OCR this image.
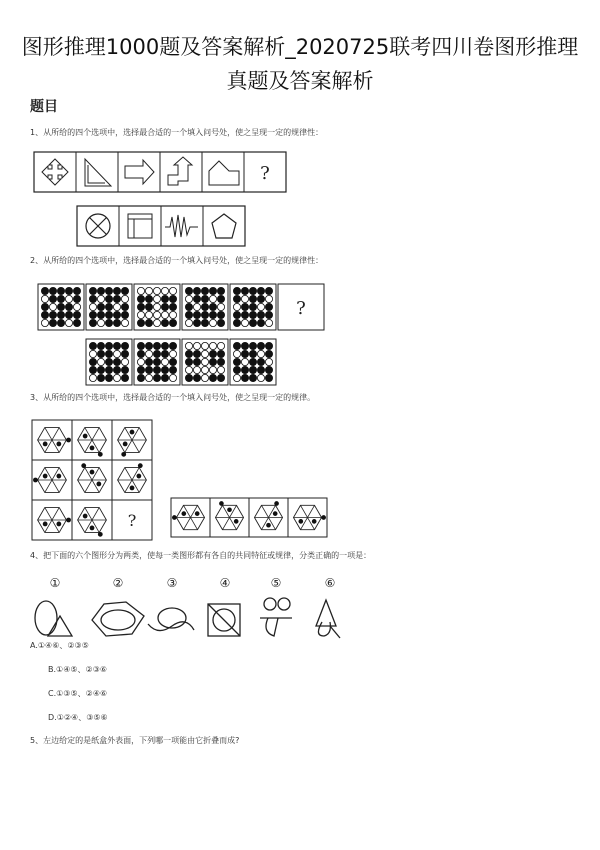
图形推理1000题及答案解析_2020725联考四川卷图形推理真题及答案解析
题目
1、从所给的四个选项中，选择最合适的一个填入问号处，使之呈现一定的规律性：
?
2、从所给的四个选项中，选择最合适的一个填入问号处，使之呈现一定的规律性：
?
3、从所给的四个选项中，选择最合适的一个填入问号处，使之呈现一定的规律。
?
4、把下面的六个图形分为两类，使每一类图形都有各自的共同特征或规律，分类正确的一项是：
①	②	③	④	⑤	⑥
A.①④⑥、②③⑤
B.①④⑤、②③⑥
C.①③⑤、②④⑥
D.①②④、③⑤⑥
5、左边给定的是纸盒外表面，下列哪一项能由它折叠而成?
